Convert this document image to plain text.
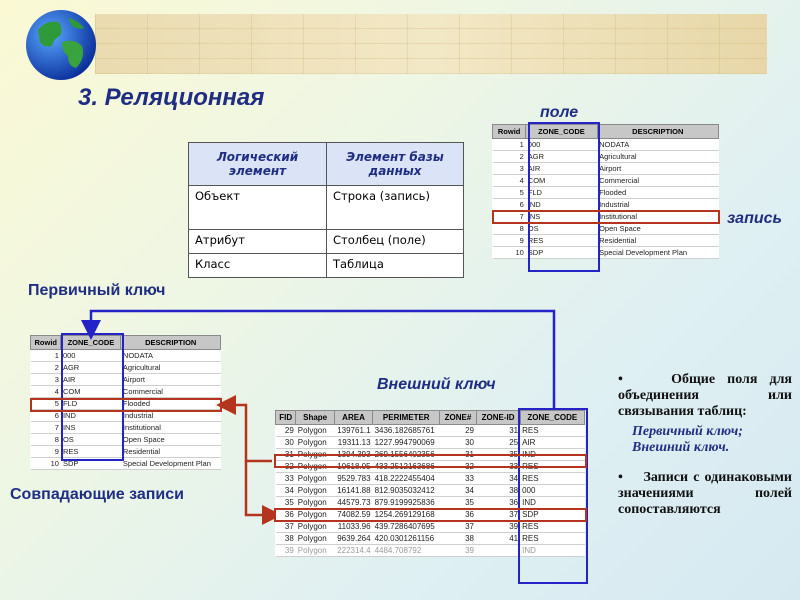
3. Реляционная
Логический элемент	Элемент базы данных
Объект	Строка (запись)
Атрибут	Столбец (поле)
Класс	Таблица
поле
Rowid	ZONE_CODE	DESCRIPTION
1	000	NODATA
2	AGR	Agricultural
3	AIR	Airport
4	COM	Commercial
5	FLD	Flooded
6	IND	Industrial
7	INS	Institutional
8	OS	Open Space
9	RES	Residential
10	SDP	Special Development Plan
запись
Первичный ключ
Rowid	ZONE_CODE	DESCRIPTION
1	000	NODATA
2	AGR	Agricultural
3	AIR	Airport
4	COM	Commercial
5	FLD	Flooded
6	IND	Industrial
7	INS	Institutional
8	OS	Open Space
9	RES	Residential
10	SDP	Special Development Plan
Внешний ключ
FID	Shape	AREA	PERIMETER	ZONE#	ZONE-ID	ZONE_CODE
29	Polygon	139761.1	3436.182685761	29	31	RES
30	Polygon	19311.13	1227.994790069	30	25	AIR
31	Polygon	1394.393	269.1556402356	31	35	IND
32	Polygon	10618.05	433.2512163686	32	33	RES
33	Polygon	9529.783	418.2222455404	33	34	RES
34	Polygon	16141.88	812.9035032412	34	38	000
35	Polygon	44579.73	879.9199925836	35	36	IND
36	Polygon	74082.59	1254.269129168	36	37	SDP
37	Polygon	11033.96	439.7286407695	37	39	RES
38	Polygon	9639.264	420.0301261156	38	41	RES
39	Polygon	222314.4	4484.708792	39		IND
Совпадающие записи
•    Общие поля для объединения или связывания таблиц:
Первичный ключ;
Внешний ключ.
•    Записи с одинаковыми значениями полей сопоставляются
